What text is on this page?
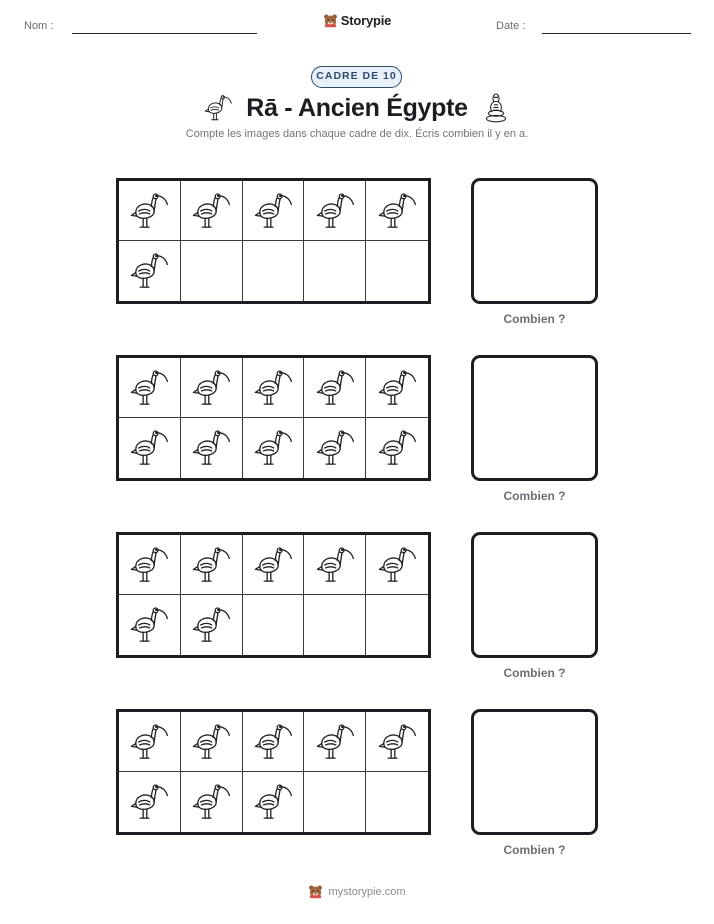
Nom :	Storypie	Date :
CADRE DE 10
Rā - Ancien Égypte
Compte les images dans chaque cadre de dix. Écris combien il y en a.
Combien ?
Combien ?
Combien ?
Combien ?
mystorypie.com
